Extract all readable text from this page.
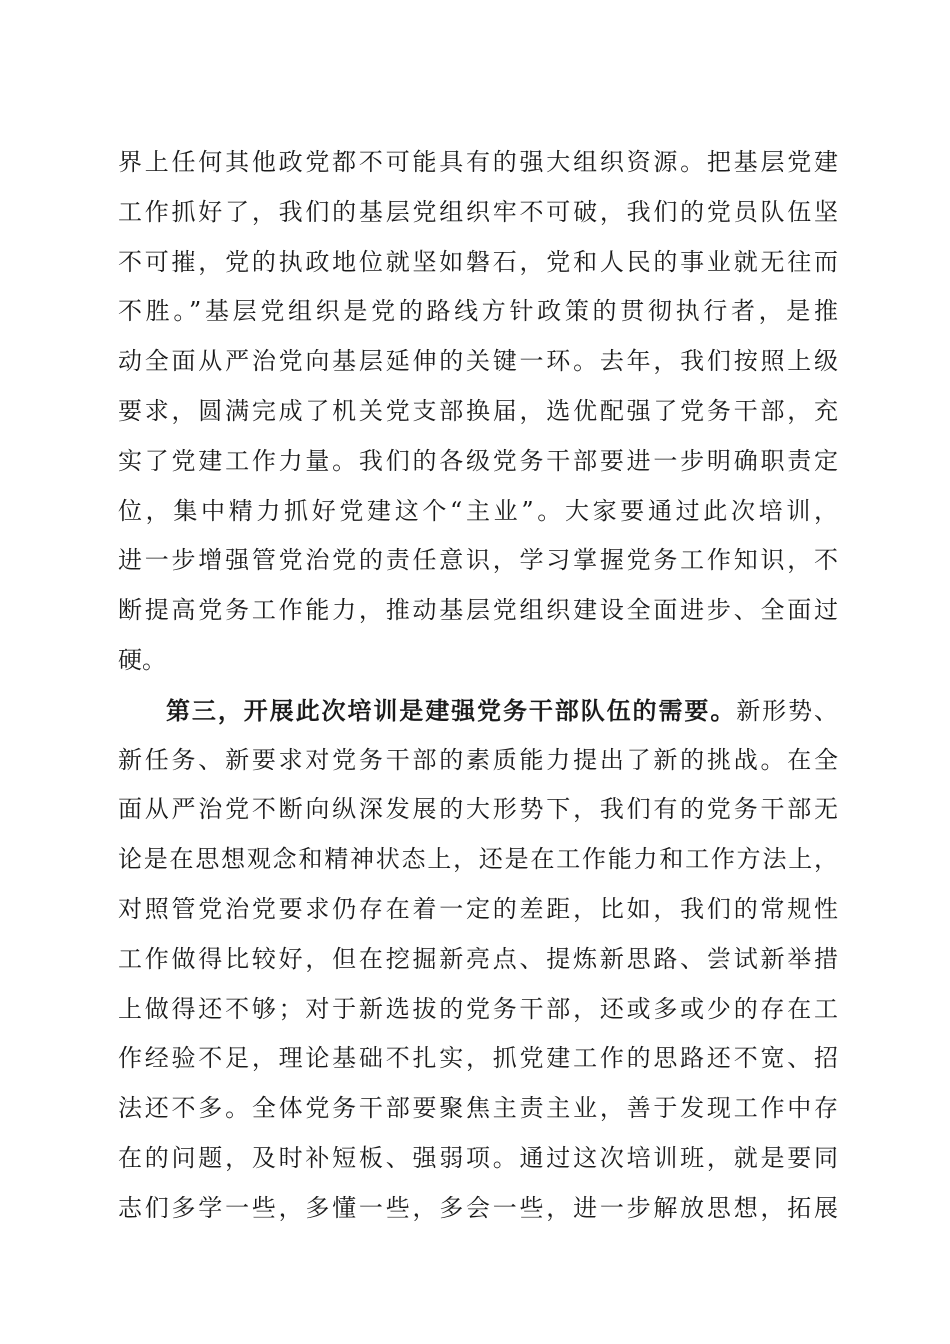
界上任何其他政党都不可能具有的强大组织资源。把基层党建
工作抓好了，我们的基层党组织牢不可破，我们的党员队伍坚
不可摧，党的执政地位就坚如磐石，党和人民的事业就无往而
不胜。”基层党组织是党的路线方针政策的贯彻执行者，是推
动全面从严治党向基层延伸的关键一环。去年，我们按照上级
要求，圆满完成了机关党支部换届，选优配强了党务干部，充
实了党建工作力量。我们的各级党务干部要进一步明确职责定
位，集中精力抓好党建这个“主业”。大家要通过此次培训，
进一步增强管党治党的责任意识，学习掌握党务工作知识，不
断提高党务工作能力，推动基层党组织建设全面进步、全面过
硬。
第三，开展此次培训是建强党务干部队伍的需要。新形势、
新任务、新要求对党务干部的素质能力提出了新的挑战。在全
面从严治党不断向纵深发展的大形势下，我们有的党务干部无
论是在思想观念和精神状态上，还是在工作能力和工作方法上，
对照管党治党要求仍存在着一定的差距，比如，我们的常规性
工作做得比较好，但在挖掘新亮点、提炼新思路、尝试新举措
上做得还不够；对于新选拔的党务干部，还或多或少的存在工
作经验不足，理论基础不扎实，抓党建工作的思路还不宽、招
法还不多。全体党务干部要聚焦主责主业，善于发现工作中存
在的问题，及时补短板、强弱项。通过这次培训班，就是要同
志们多学一些，多懂一些，多会一些，进一步解放思想，拓展
